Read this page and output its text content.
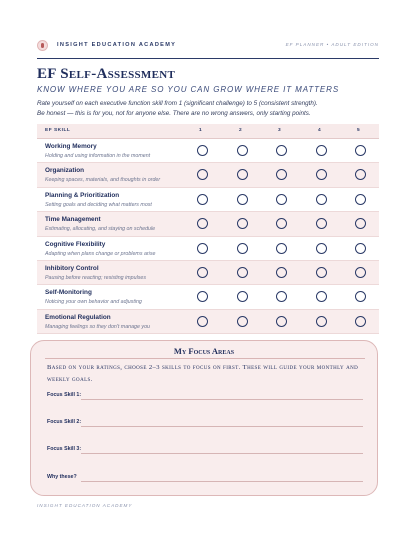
INSIGHT EDUCATION ACADEMY	EF PLANNER • ADULT EDITION
EF Self-Assessment
KNOW WHERE YOU ARE SO YOU CAN GROW WHERE IT MATTERS
Rate yourself on each executive function skill from 1 (significant challenge) to 5 (consistent strength).
Be honest — this is for you, not for anyone else. There are no wrong answers, only starting points.
EF SKILL	1	2	3	4	5
Working Memory
Holding and using information in the moment
Organization
Keeping spaces, materials, and thoughts in order
Planning & Prioritization
Setting goals and deciding what matters most
Time Management
Estimating, allocating, and staying on schedule
Cognitive Flexibility
Adapting when plans change or problems arise
Inhibitory Control
Pausing before reacting; resisting impulses
Self-Monitoring
Noticing your own behavior and adjusting
Emotional Regulation
Managing feelings so they don't manage you
My Focus Areas
Based on your ratings, choose 2–3 skills to focus on first. These will guide your monthly and weekly goals.
Focus Skill 1:
Focus Skill 2:
Focus Skill 3:
Why these?
INSIGHT EDUCATION ACADEMY
